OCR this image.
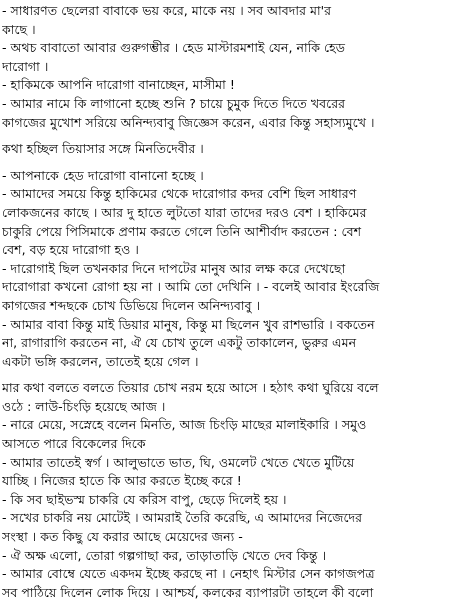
- সাধারণত ছেলেরা বাবাকে ভয় করে, মাকে নয় । সব আবদার মা'র
কাছে ।
- অথচ বাবাতো আবার গুরুগম্ভীর । হেড মাস্টারমশাই যেন, নাকি হেড
দারোগা ।
- হাকিমকে আপনি দারোগা বানাচ্ছেন, মাসীমা !
- আমার নামে কি লাগানো হচ্ছে শুনি ? চায়ে চুমুক দিতে দিতে খবরের
কাগজের মুখোশ সরিয়ে অনিন্দ্যবাবু জিজ্ঞেস করেন, এবার কিন্তু সহাস্যমুখে ।
কথা হচ্ছিল তিয়াসার সঙ্গে মিনতিদেবীর ।
- আপনাকে হেড দারোগা বানানো হচ্ছে ।
- আমাদের সময়ে কিন্তু হাকিমের থেকে দারোগার কদর বেশি ছিল সাধারণ
লোকজনের কাছে । আর দু হাতে লুটতো যারা তাদের দরও বেশ । হাকিমের
চাকুরি পেয়ে পিসিমাকে প্রণাম করতে গেলে তিনি আশীর্বাদ করতেন : বেশ
বেশ, বড় হয়ে দারোগা হও ।
- দারোগাই ছিল তখনকার দিনে দাপটের মানুষ আর লক্ষ করে দেখেছো
দারোগারা কখনো রোগা হয় না । আমি তো দেখিনি । - বলেই আবার ইংরেজি
কাগজের শব্দছকে চোখ ডিভিয়ে দিলেন অনিন্দ্যবাবু ।
- আমার বাবা কিন্তু মাই ডিয়ার মানুষ, কিন্তু মা ছিলেন খুব রাশভারি । বকতেন
না, রাগারাগি করতেন না, ঐ যে চোখ তুলে একটু তাকালেন, ভুরুর এমন
একটা ভঙ্গি করলেন, তাতেই হয়ে গেল ।
মার কথা বলতে বলতে তিয়ার চোখ নরম হয়ে আসে । হঠাৎ কথা ঘুরিয়ে বলে
ওঠে : লাউ-চিংড়ি হয়েছে আজ ।
- নারে মেয়ে, সস্নেহে বলেন মিনতি, আজ চিংড়ি মাছের মালাইকারি । সমুও
আসতে পারে বিকেলের দিকে
- আমার তাতেই স্বর্গ । আলুভাতে ভাত, ঘি, ওমলেট খেতে খেতে মুটিয়ে
যাচ্ছি । নিজের হাতে কি আর করতে ইচ্ছে করে !
- কি সব ছাইভস্ম চাকরি যে করিস বাপু, ছেড়ে দিলেই হয় ।
- সখের চাকরি নয় মোটেই । আমরাই তৈরি করেছি, এ আমাদের নিজেদের
সংস্থা । কত কিছু যে করার আছে মেয়েদের জন্য -
- ঐ অক্ষ এলো, তোরা গল্পগাছা কর, তাড়াতাড়ি খেতে দেব কিন্তু ।
- আমার বোম্বে যেতে একদম ইচ্ছে করছে না । নেহাৎ মিস্টার সেন কাগজপত্র
সব পাঠিয়ে দিলেন লোক দিয়ে । আশ্চর্য, কলকের ব্যাপারটা তাহলে কী বলো
